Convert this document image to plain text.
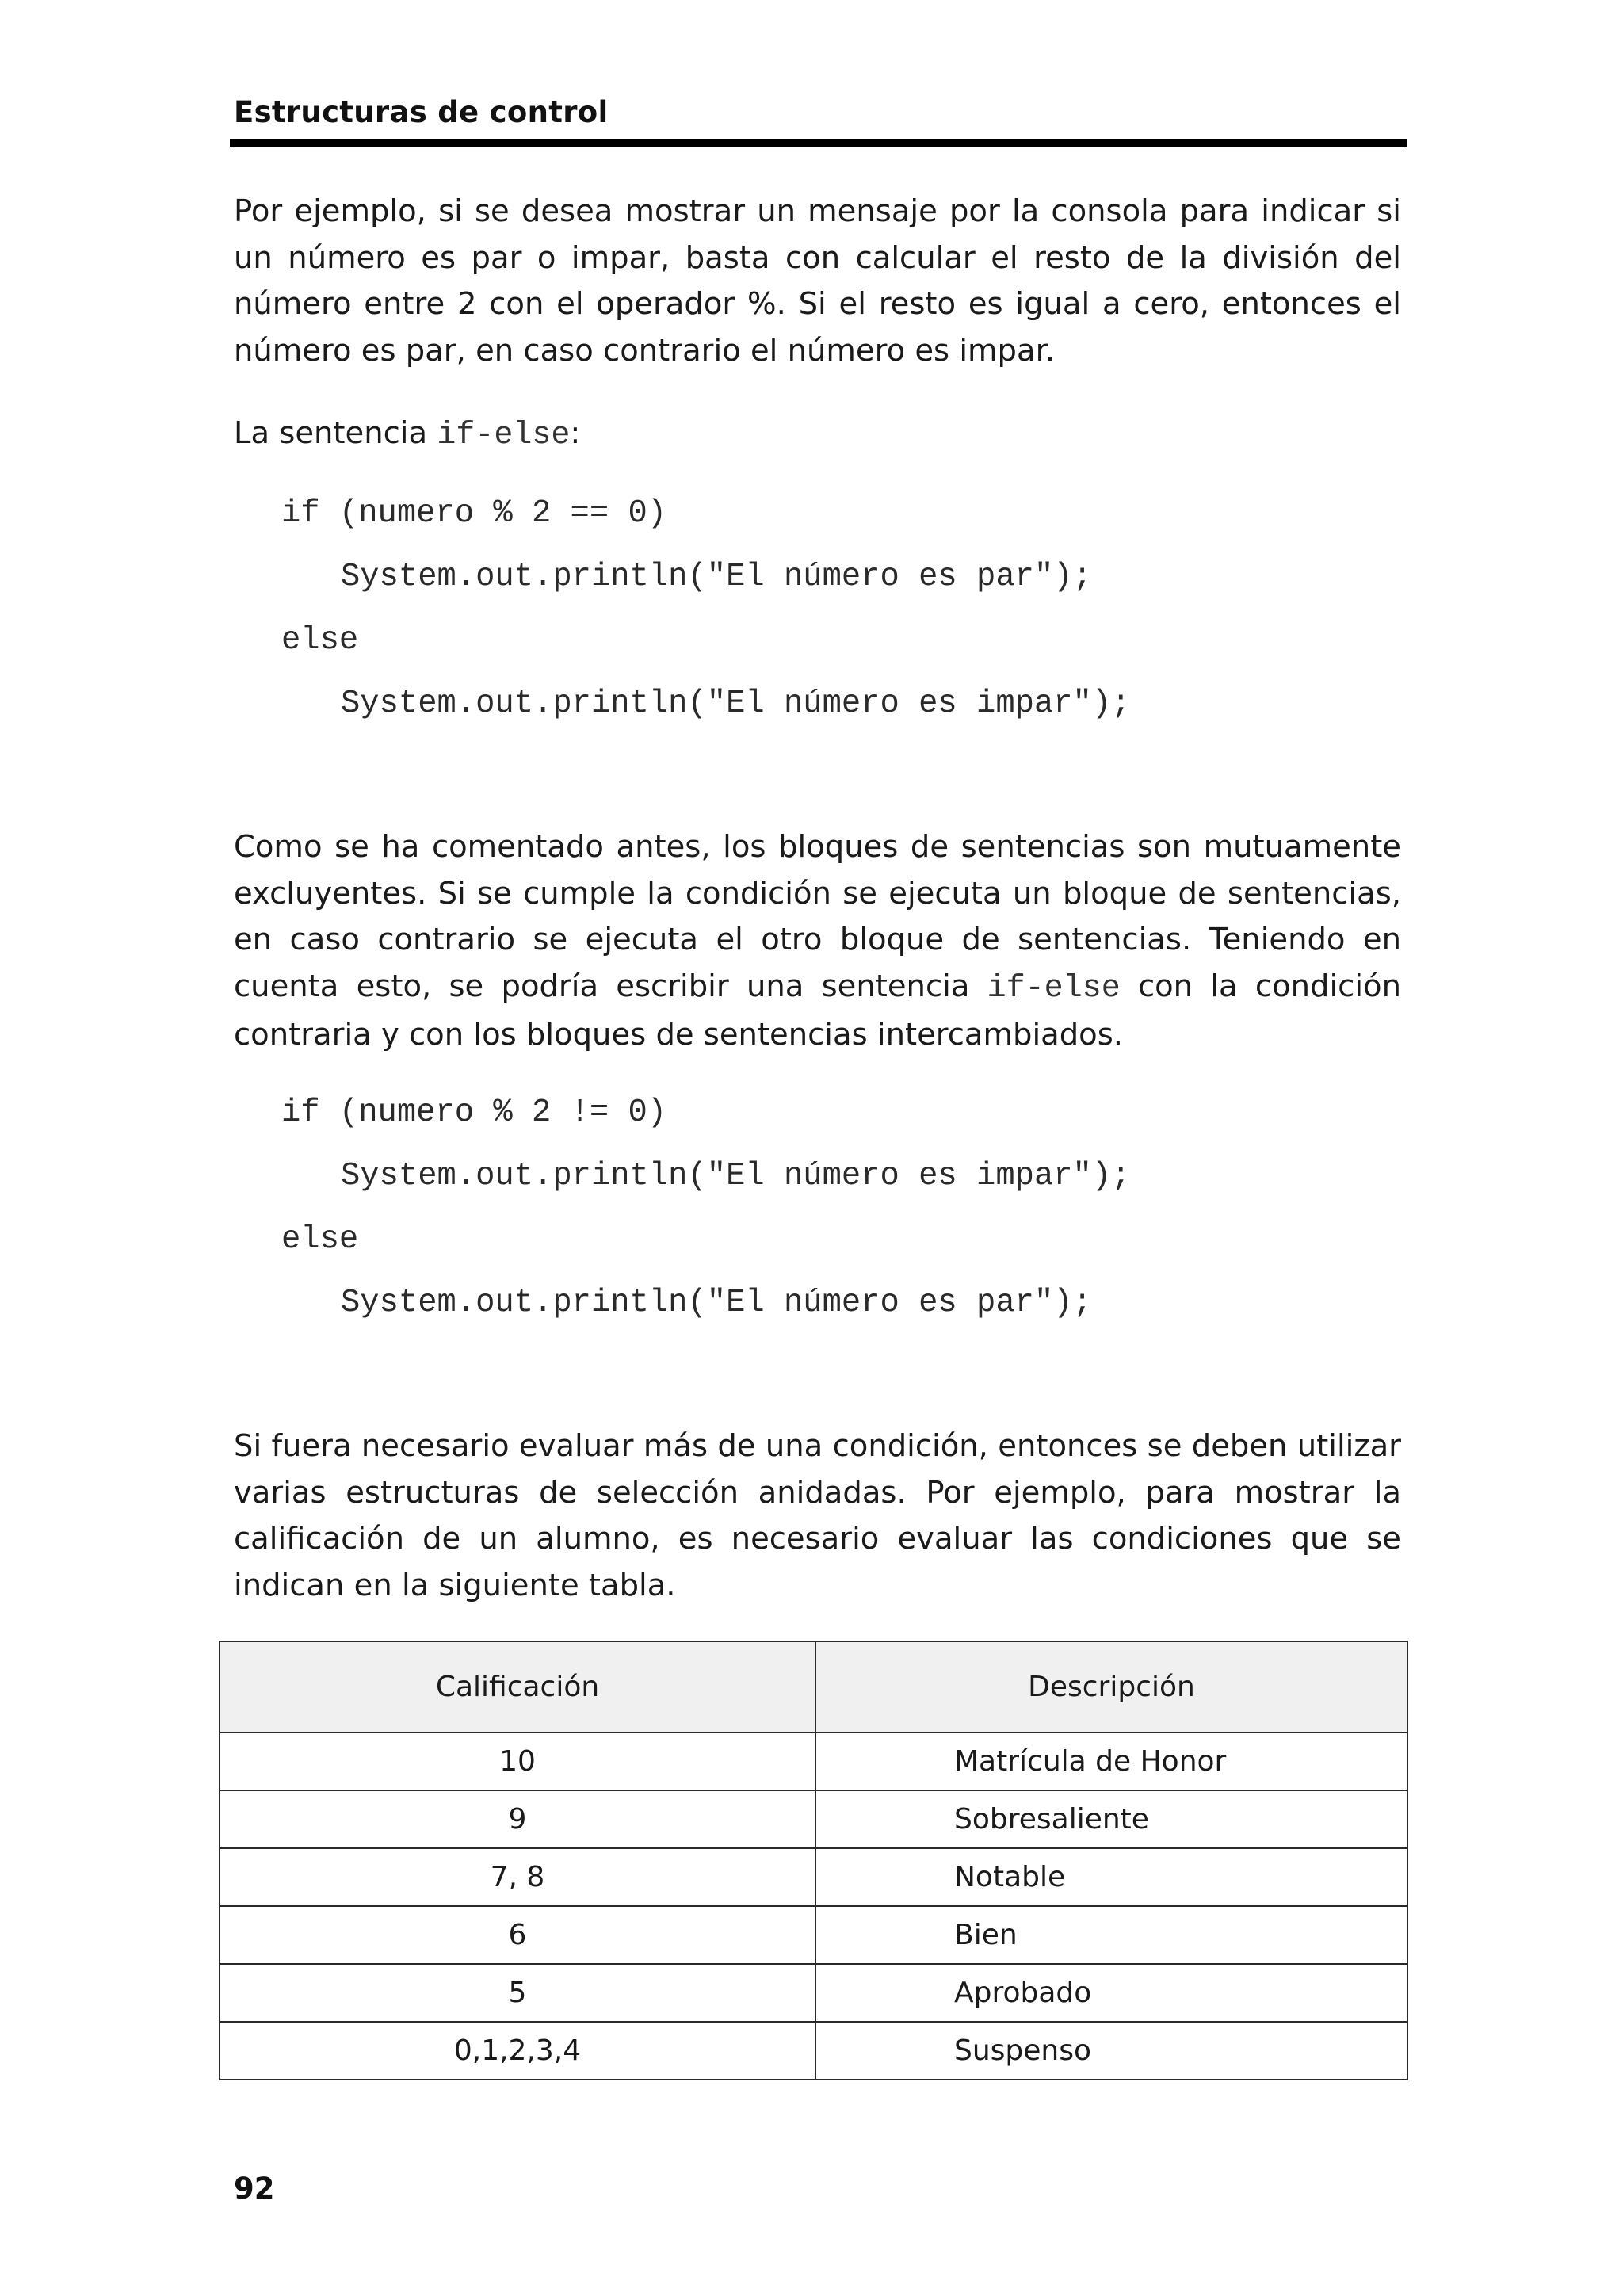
Estructuras de control

Por ejemplo, si se desea mostrar un mensaje por la consola para indicar si un número es par o impar, basta con calcular el resto de la división del número entre 2 con el operador %. Si el resto es igual a cero, entonces el número es par, en caso contrario el número es impar.

La sentencia if-else:

if (numero % 2 == 0)
System.out.println("El número es par");
else
System.out.println("El número es impar");

Como se ha comentado antes, los bloques de sentencias son mutuamente excluyentes. Si se cumple la condición se ejecuta un bloque de sentencias, en caso contrario se ejecuta el otro bloque de sentencias. Teniendo en cuenta esto, se podría escribir una sentencia if-else con la condición contraria y con los bloques de sentencias intercambiados.

if (numero % 2 != 0)
System.out.println("El número es impar");
else
System.out.println("El número es par");

Si fuera necesario evaluar más de una condición, entonces se deben utilizar varias estructuras de selección anidadas. Por ejemplo, para mostrar la calificación de un alumno, es necesario evaluar las condiciones que se indican en la siguiente tabla.

Calificación	Descripción
10	Matrícula de Honor
9	Sobresaliente
7, 8	Notable
6	Bien
5	Aprobado
0,1,2,3,4	Suspenso
92
